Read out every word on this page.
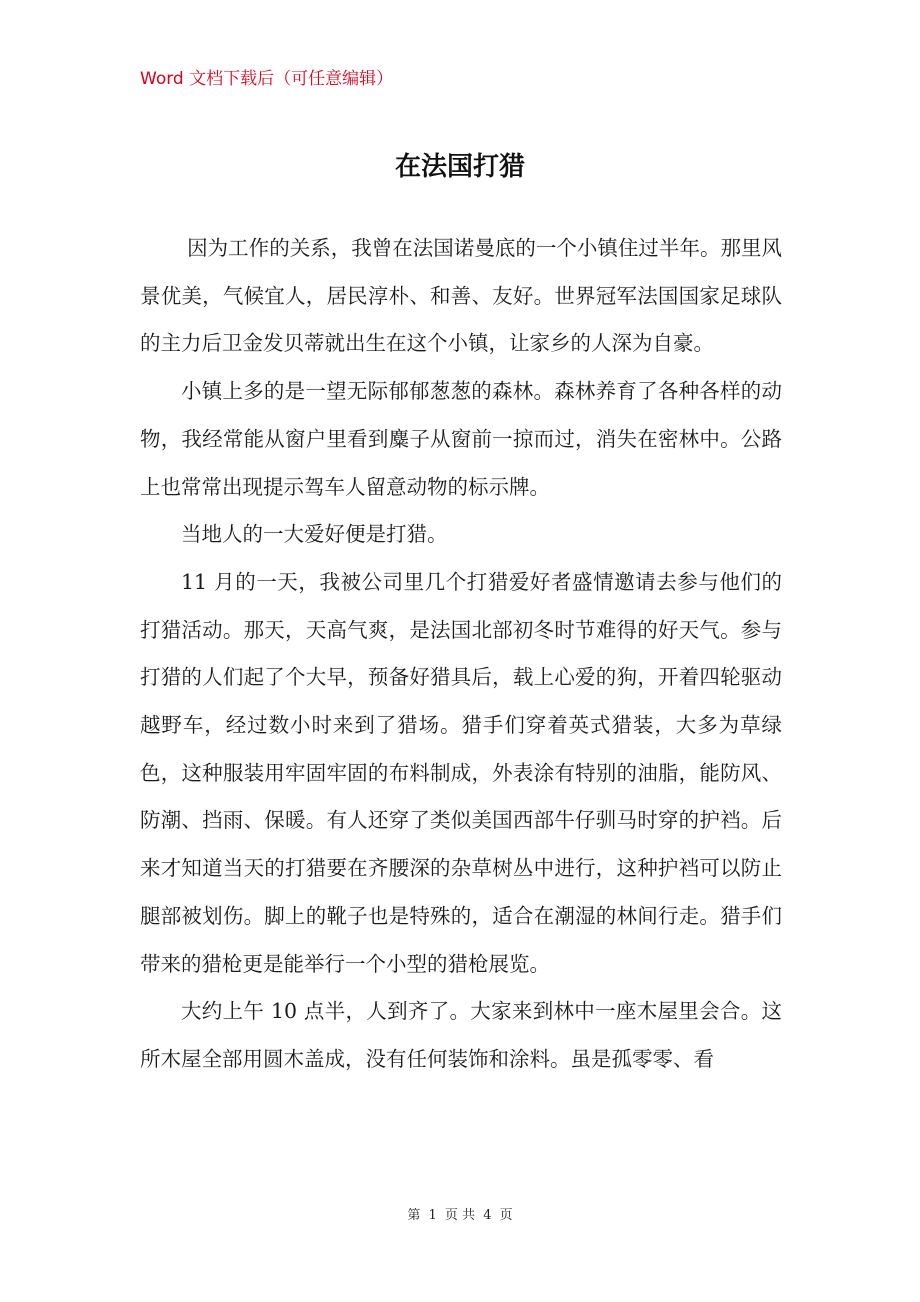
Word 文档下载后（可任意编辑）
在法国打猎

因为工作的关系，我曾在法国诺曼底的一个小镇住过半年。那里风景优美，气候宜人，居民淳朴、和善、友好。世界冠军法国国家足球队的主力后卫金发贝蒂就出生在这个小镇，让家乡的人深为自豪。

小镇上多的是一望无际郁郁葱葱的森林。森林养育了各种各样的动物，我经常能从窗户里看到麋子从窗前一掠而过，消失在密林中。公路上也常常出现提示驾车人留意动物的标示牌。

当地人的一大爱好便是打猎。

11 月的一天，我被公司里几个打猎爱好者盛情邀请去参与他们的打猎活动。那天，天高气爽，是法国北部初冬时节难得的好天气。参与打猎的人们起了个大早，预备好猎具后，载上心爱的狗，开着四轮驱动越野车，经过数小时来到了猎场。猎手们穿着英式猎装，大多为草绿色，这种服装用牢固牢固的布料制成，外表涂有特别的油脂，能防风、防潮、挡雨、保暖。有人还穿了类似美国西部牛仔驯马时穿的护裆。后来才知道当天的打猎要在齐腰深的杂草树丛中进行，这种护裆可以防止腿部被划伤。脚上的靴子也是特殊的，适合在潮湿的林间行走。猎手们带来的猎枪更是能举行一个小型的猎枪展览。

大约上午 10 点半，人到齐了。大家来到林中一座木屋里会合。这所木屋全部用圆木盖成，没有任何装饰和涂料。虽是孤零零、看

第 1 页 共 4 页
